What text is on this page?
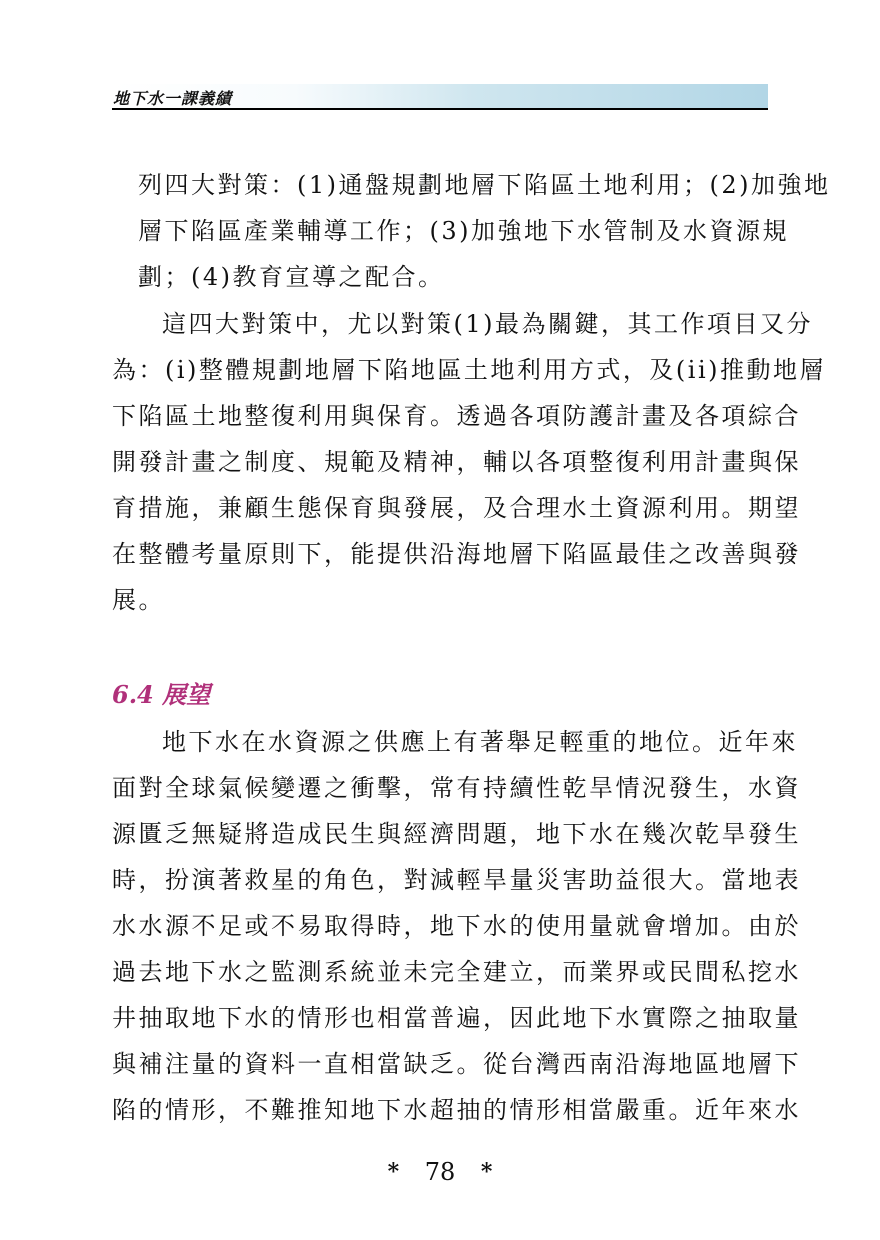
地下水一課義績
列四大對策：(1)通盤規劃地層下陷區土地利用；(2)加強地
層下陷區產業輔導工作；(3)加強地下水管制及水資源規
劃；(4)教育宣導之配合。
這四大對策中，尤以對策(1)最為關鍵，其工作項目又分
為：(i)整體規劃地層下陷地區土地利用方式，及(ii)推動地層
下陷區土地整復利用與保育。透過各項防護計畫及各項綜合
開發計畫之制度、規範及精神，輔以各項整復利用計畫與保
育措施，兼顧生態保育與發展，及合理水土資源利用。期望
在整體考量原則下，能提供沿海地層下陷區最佳之改善與發
展。
6.4 展望
地下水在水資源之供應上有著舉足輕重的地位。近年來
面對全球氣候變遷之衝擊，常有持續性乾旱情況發生，水資
源匱乏無疑將造成民生與經濟問題，地下水在幾次乾旱發生
時，扮演著救星的角色，對減輕旱量災害助益很大。當地表
水水源不足或不易取得時，地下水的使用量就會增加。由於
過去地下水之監測系統並未完全建立，而業界或民間私挖水
井抽取地下水的情形也相當普遍，因此地下水實際之抽取量
與補注量的資料一直相當缺乏。從台灣西南沿海地區地層下
陷的情形，不難推知地下水超抽的情形相當嚴重。近年來水
* 78 *
